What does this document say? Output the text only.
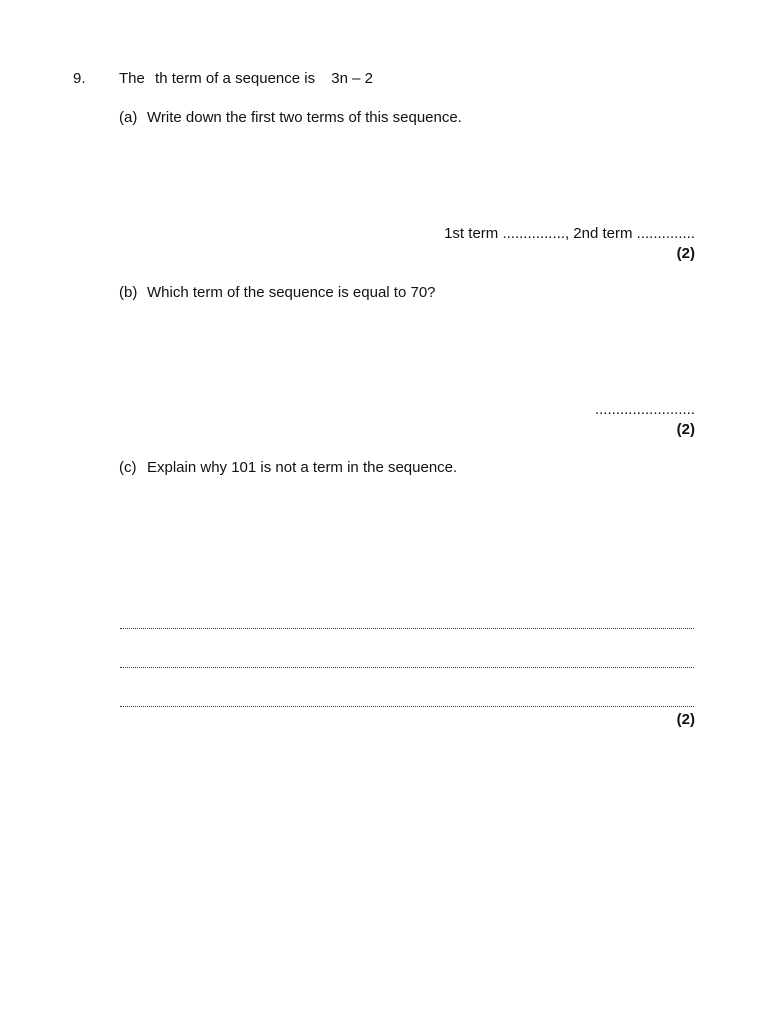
9. The th term of a sequence is 3n – 2
(a) Write down the first two terms of this sequence.
1st term ..............., 2nd term ..............
(2)
(b) Which term of the sequence is equal to 70?
........................
(2)
(c) Explain why 101 is not a term in the sequence.
(2)
